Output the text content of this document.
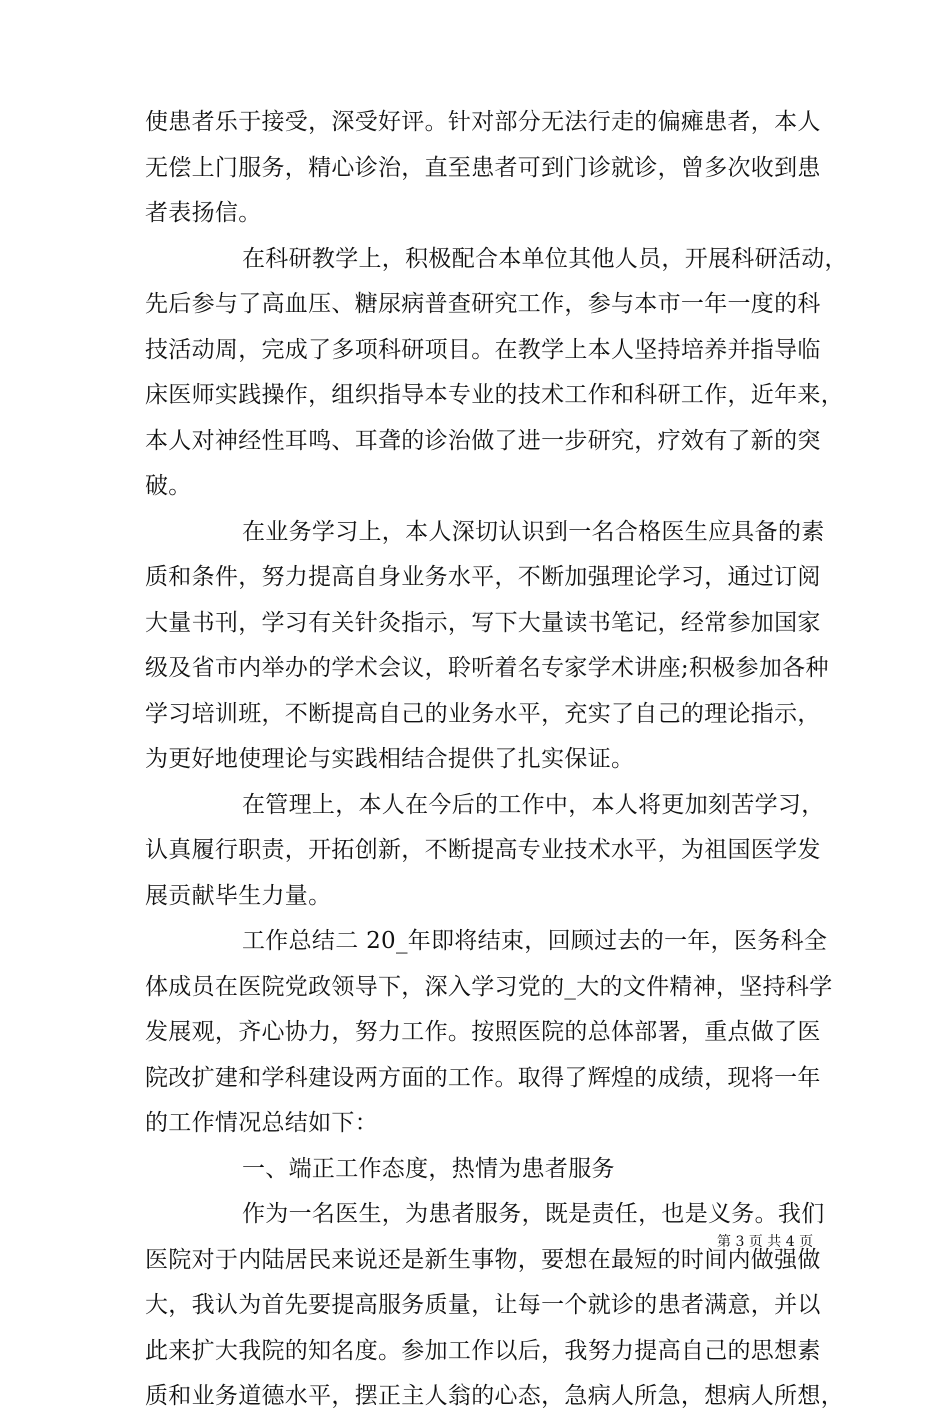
使患者乐于接受，深受好评。针对部分无法行走的偏瘫患者，本人
无偿上门服务，精心诊治，直至患者可到门诊就诊，曾多次收到患
者表扬信。
在科研教学上，积极配合本单位其他人员，开展科研活动，
先后参与了高血压、糖尿病普查研究工作，参与本市一年一度的科
技活动周，完成了多项科研项目。在教学上本人坚持培养并指导临
床医师实践操作，组织指导本专业的技术工作和科研工作，近年来，
本人对神经性耳鸣、耳聋的诊治做了进一步研究，疗效有了新的突
破。
在业务学习上，本人深切认识到一名合格医生应具备的素
质和条件，努力提高自身业务水平，不断加强理论学习，通过订阅
大量书刊，学习有关针灸指示，写下大量读书笔记，经常参加国家
级及省市内举办的学术会议，聆听着名专家学术讲座;积极参加各种
学习培训班，不断提高自己的业务水平，充实了自己的理论指示，
为更好地使理论与实践相结合提供了扎实保证。
在管理上，本人在今后的工作中，本人将更加刻苦学习，
认真履行职责，开拓创新，不断提高专业技术水平，为祖国医学发
展贡献毕生力量。
工作总结二 20_年即将结束，回顾过去的一年，医务科全
体成员在医院党政领导下，深入学习党的_大的文件精神，坚持科学
发展观，齐心协力，努力工作。按照医院的总体部署，重点做了医
院改扩建和学科建设两方面的工作。取得了辉煌的成绩，现将一年
的工作情况总结如下：
一、端正工作态度，热情为患者服务
作为一名医生，为患者服务，既是责任，也是义务。我们
医院对于内陆居民来说还是新生事物，要想在最短的时间内做强做
大，我认为首先要提高服务质量，让每一个就诊的患者满意，并以
此来扩大我院的知名度。参加工作以后，我努力提高自己的思想素
质和业务道德水平，摆正主人翁的心态，急病人所急，想病人所想，
第 3 页 共 4 页
